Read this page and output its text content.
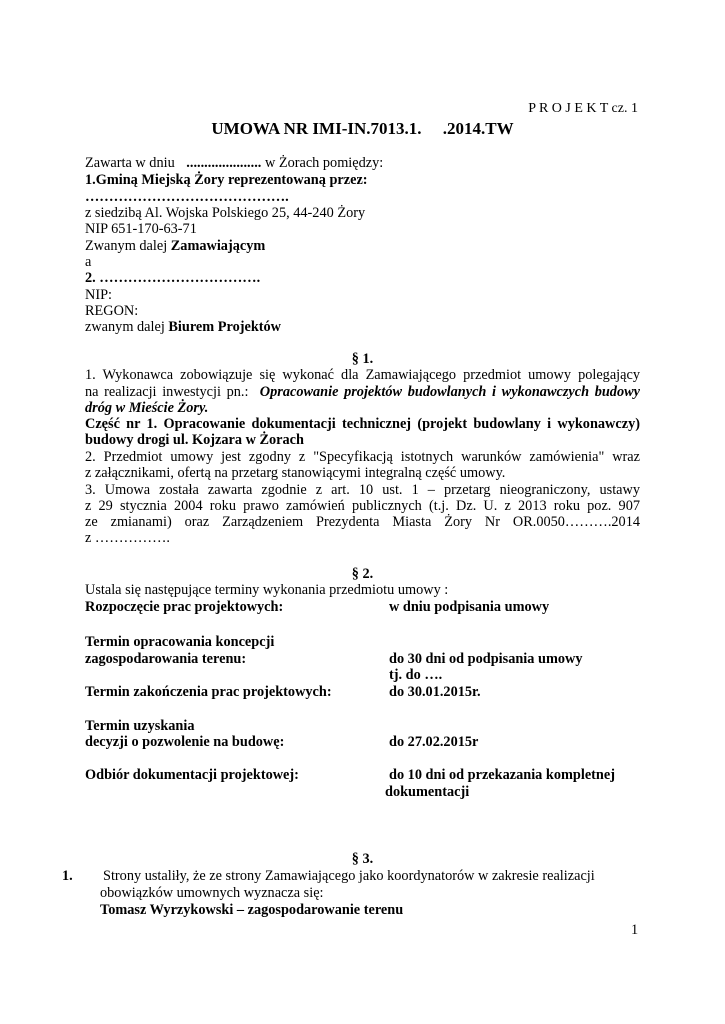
P R O J E K T cz. 1
UMOWA NR IMI-IN.7013.1.     .2014.TW
Zawarta w dniu ..................... w Żorach pomiędzy:
1.Gminą Miejską Żory reprezentowaną przez:
…………………………………….
z siedzibą Al. Wojska Polskiego 25, 44-240 Żory
NIP 651-170-63-71
Zwanym dalej Zamawiającym
a
2. …………………………….
NIP:
REGON:
zwanym dalej Biurem Projektów
§ 1.
1. Wykonawca zobowiązuje się wykonać dla Zamawiającego przedmiot umowy polegający
na realizacji inwestycji pn.: Opracowanie projektów budowlanych i wykonawczych budowy
dróg w Mieście Żory.
Część nr 1. Opracowanie dokumentacji technicznej (projekt budowlany i wykonawczy)
budowy drogi ul. Kojzara w Żorach
2. Przedmiot umowy jest zgodny z "Specyfikacją istotnych warunków zamówienia" wraz
z załącznikami, ofertą na przetarg stanowiącymi integralną część umowy.
3. Umowa została zawarta zgodnie z art. 10 ust. 1 – przetarg nieograniczony, ustawy
z 29 stycznia 2004 roku prawo zamówień publicznych (t.j. Dz. U. z 2013 roku poz. 907
ze zmianami) oraz Zarządzeniem Prezydenta Miasta Żory Nr OR.0050……….2014
z …………….
§ 2.
Ustala się następujące terminy wykonania przedmiotu umowy :
Rozpoczęcie prac projektowych:	w dniu podpisania umowy
Termin opracowania koncepcji
zagospodarowania terenu:	do 30 dni od podpisania umowy
tj. do ….
Termin zakończenia prac projektowych:	do 30.01.2015r.
Termin uzyskania
decyzji o pozwolenie na budowę:	do 27.02.2015r
Odbiór dokumentacji projektowej:	do 10 dni od przekazania kompletnej
dokumentacji
§ 3.
1. Strony ustaliły, że ze strony Zamawiającego jako koordynatorów w zakresie realizacji
obowiązków umownych wyznacza się:
Tomasz Wyrzykowski – zagospodarowanie terenu
1
